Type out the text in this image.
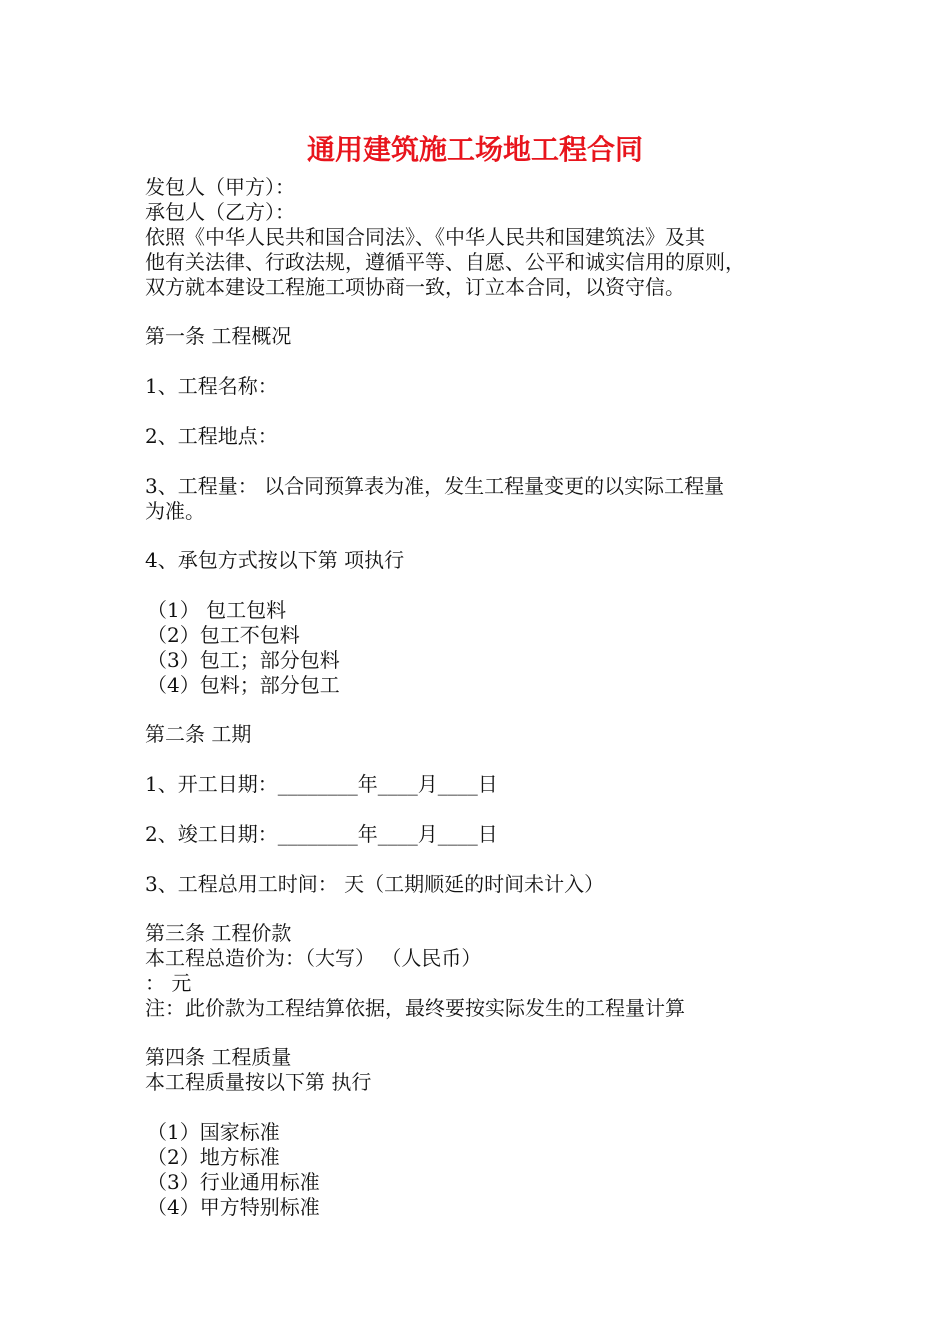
通用建筑施工场地工程合同
发包人（甲方）：
承包人（乙方）：
依照《中华人民共和国合同法》、《中华人民共和国建筑法》及其
他有关法律、行政法规，遵循平等、自愿、公平和诚实信用的原则，
双方就本建设工程施工项协商一致，订立本合同，以资守信。
第一条 工程概况
1、工程名称：
2、工程地点：
3、工程量： 以合同预算表为准，发生工程量变更的以实际工程量
为准。
4、承包方式按以下第 项执行
（1） 包工包料
（2）包工不包料
（3）包工；部分包料
（4）包料；部分包工
第二条 工期
1、开工日期：________年____月____日
2、竣工日期：________年____月____日
3、工程总用工时间： 天（工期顺延的时间未计入）
第三条 工程价款
本工程总造价为：（大写） （人民币）
： 元
注：此价款为工程结算依据，最终要按实际发生的工程量计算
第四条 工程质量
本工程质量按以下第 执行
（1）国家标准
（2）地方标准
（3）行业通用标准
（4）甲方特别标准
